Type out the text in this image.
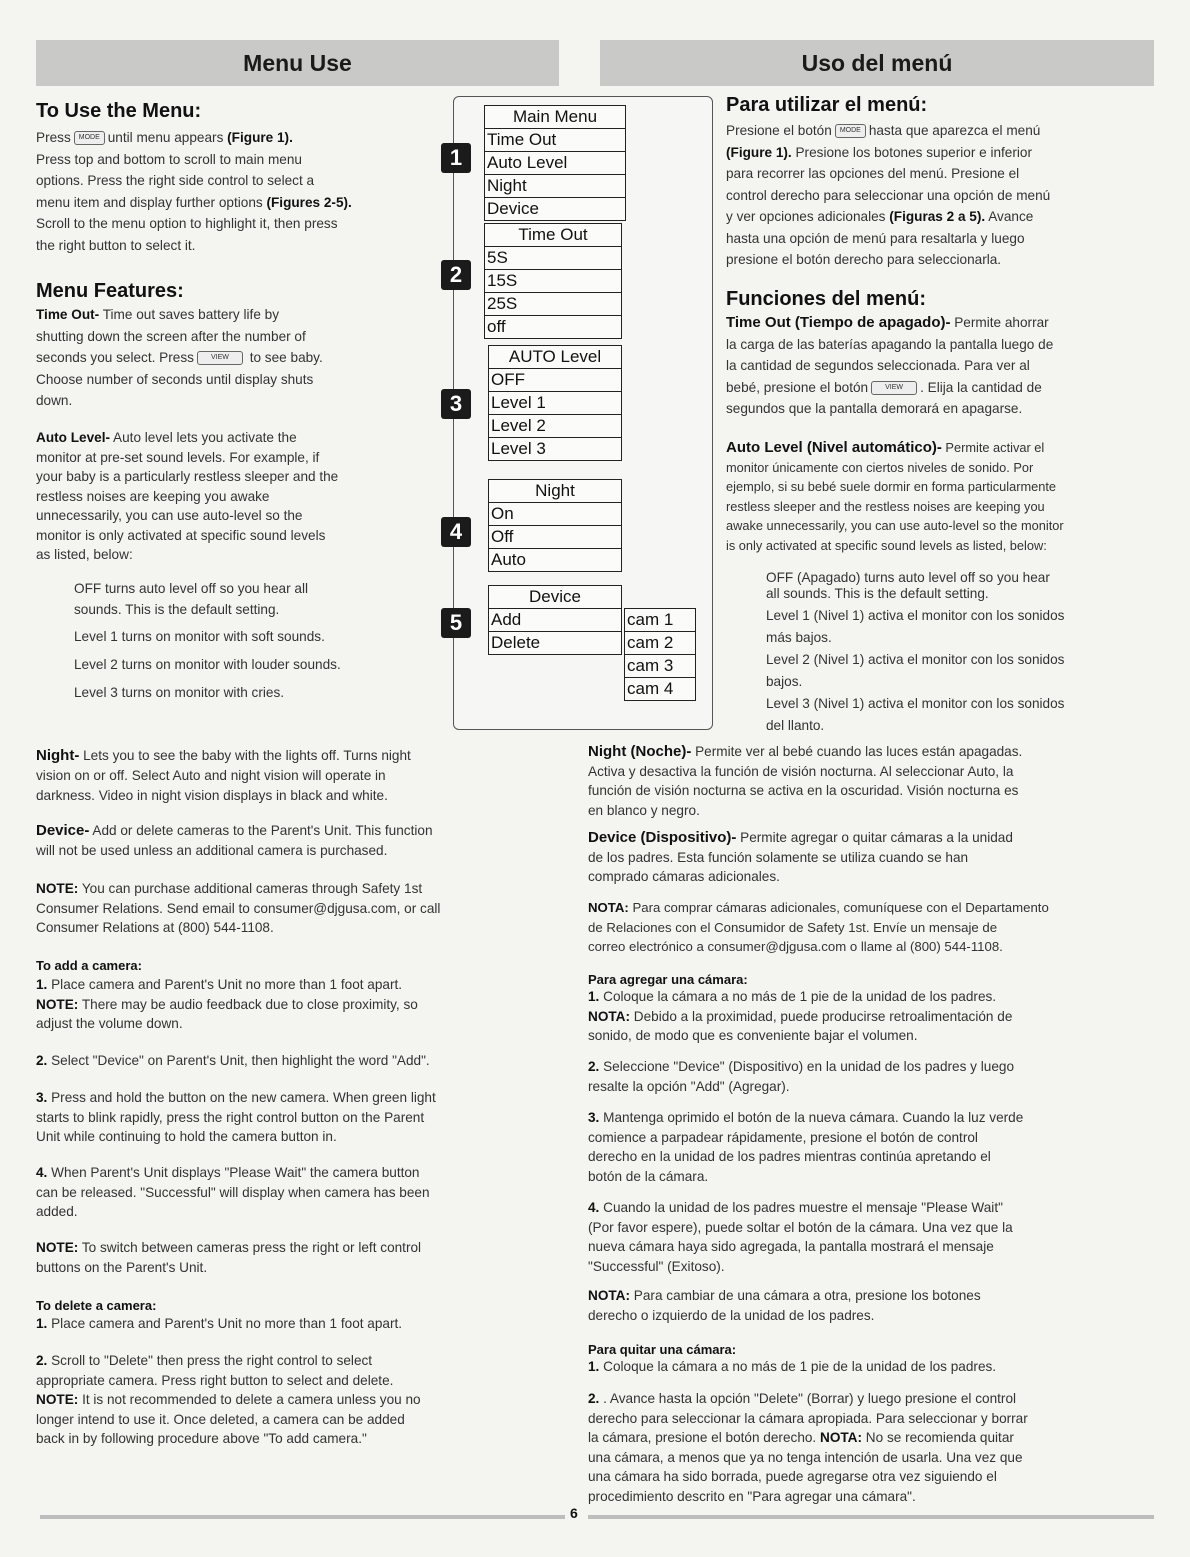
Menu Use
To Use the Menu:
Press MODE until menu appears (Figure 1).
Press top and bottom to scroll to main menu
options. Press the right side control to select a
menu item and display further options (Figures 2-5).
Scroll to the menu option to highlight it, then press
the right button to select it.
Menu Features:
Time Out- Time out saves battery life by
shutting down the screen after the number of
seconds you select. Press VIEW to see baby.
Choose number of seconds until display shuts
down.
Auto Level- Auto level lets you activate the
monitor at pre-set sound levels. For example, if
your baby is a particularly restless sleeper and the
restless noises are keeping you awake
unnecessarily, you can use auto-level so the
monitor is only activated at specific sound levels
as listed, below:
OFF turns auto level off so you hear all
sounds. This is the default setting.
Level 1 turns on monitor with soft sounds.
Level 2 turns on monitor with louder sounds.
Level 3 turns on monitor with cries.
Night- Lets you to see the baby with the lights off. Turns night
vision on or off. Select Auto and night vision will operate in
darkness. Video in night vision displays in black and white.
Device- Add or delete cameras to the Parent's Unit. This function
will not be used unless an additional camera is purchased.
NOTE: You can purchase additional cameras through Safety 1st
Consumer Relations. Send email to consumer@djgusa.com, or call
Consumer Relations at (800) 544-1108.
To add a camera:
1. Place camera and Parent's Unit no more than 1 foot apart.
NOTE: There may be audio feedback due to close proximity, so
adjust the volume down.
2. Select "Device" on Parent's Unit, then highlight the word "Add".
3. Press and hold the button on the new camera. When green light
starts to blink rapidly, press the right control button on the Parent
Unit while continuing to hold the camera button in.
4. When Parent's Unit displays "Please Wait" the camera button
can be released. "Successful" will display when camera has been
added.
NOTE: To switch between cameras press the right or left control
buttons on the Parent's Unit.
To delete a camera:
1. Place camera and Parent's Unit no more than 1 foot apart.
2. Scroll to "Delete" then press the right control to select
appropriate camera. Press right button to select and delete.
NOTE: It is not recommended to delete a camera unless you no
longer intend to use it. Once deleted, a camera can be added
back in by following procedure above "To add camera."
1
Main Menu
Time Out
Auto Level
Night
Device
2
Time Out
5S
15S
25S
off
3
AUTO Level
OFF
Level 1
Level 2
Level 3
4
Night
On
Off
Auto
5
Device
Add
Delete
cam 1
cam 2
cam 3
cam 4
Uso del menú
Para utilizar el menú:
Presione el botón MODE hasta que aparezca el menú
(Figure 1). Presione los botones superior e inferior
para recorrer las opciones del menú. Presione el
control derecho para seleccionar una opción de menú
y ver opciones adicionales (Figuras 2 a 5). Avance
hasta una opción de menú para resaltarla y luego
presione el botón derecho para seleccionarla.
Funciones del menú:
Time Out (Tiempo de apagado)- Permite ahorrar
la carga de las baterías apagando la pantalla luego de
la cantidad de segundos seleccionada. Para ver al
bebé, presione el botón VIEW . Elija la cantidad de
segundos que la pantalla demorará en apagarse.
Auto Level (Nivel automático)- Permite activar el
monitor únicamente con ciertos niveles de sonido. Por
ejemplo, si su bebé suele dormir en forma particularmente
restless sleeper and the restless noises are keeping you
awake unnecessarily, you can use auto-level so the monitor
is only activated at specific sound levels as listed, below:
OFF (Apagado) turns auto level off so you hear
all sounds. This is the default setting.
Level 1 (Nivel 1) activa el monitor con los sonidos
más bajos.
Level 2 (Nivel 1) activa el monitor con los sonidos
bajos.
Level 3 (Nivel 1) activa el monitor con los sonidos
del llanto.
Night (Noche)- Permite ver al bebé cuando las luces están apagadas.
Activa y desactiva la función de visión nocturna. Al seleccionar Auto, la
función de visión nocturna se activa en la oscuridad. Visión nocturna es
en blanco y negro.
Device (Dispositivo)- Permite agregar o quitar cámaras a la unidad
de los padres. Esta función solamente se utiliza cuando se han
comprado cámaras adicionales.
NOTA: Para comprar cámaras adicionales, comuníquese con el Departamento
de Relaciones con el Consumidor de Safety 1st. Envíe un mensaje de
correo electrónico a consumer@djgusa.com o llame al (800) 544-1108.
Para agregar una cámara:
1. Coloque la cámara a no más de 1 pie de la unidad de los padres.
NOTA: Debido a la proximidad, puede producirse retroalimentación de
sonido, de modo que es conveniente bajar el volumen.
2. Seleccione "Device" (Dispositivo) en la unidad de los padres y luego
resalte la opción "Add" (Agregar).
3. Mantenga oprimido el botón de la nueva cámara. Cuando la luz verde
comience a parpadear rápidamente, presione el botón de control
derecho en la unidad de los padres mientras continúa apretando el
botón de la cámara.
4. Cuando la unidad de los padres muestre el mensaje "Please Wait"
(Por favor espere), puede soltar el botón de la cámara. Una vez que la
nueva cámara haya sido agregada, la pantalla mostrará el mensaje
"Successful" (Exitoso).
NOTA: Para cambiar de una cámara a otra, presione los botones
derecho o izquierdo de la unidad de los padres.
Para quitar una cámara:
1. Coloque la cámara a no más de 1 pie de la unidad de los padres.
2. . Avance hasta la opción "Delete" (Borrar) y luego presione el control
derecho para seleccionar la cámara apropiada. Para seleccionar y borrar
la cámara, presione el botón derecho. NOTA: No se recomienda quitar
una cámara, a menos que ya no tenga intención de usarla. Una vez que
una cámara ha sido borrada, puede agregarse otra vez siguiendo el
procedimiento descrito en "Para agregar una cámara".
6
